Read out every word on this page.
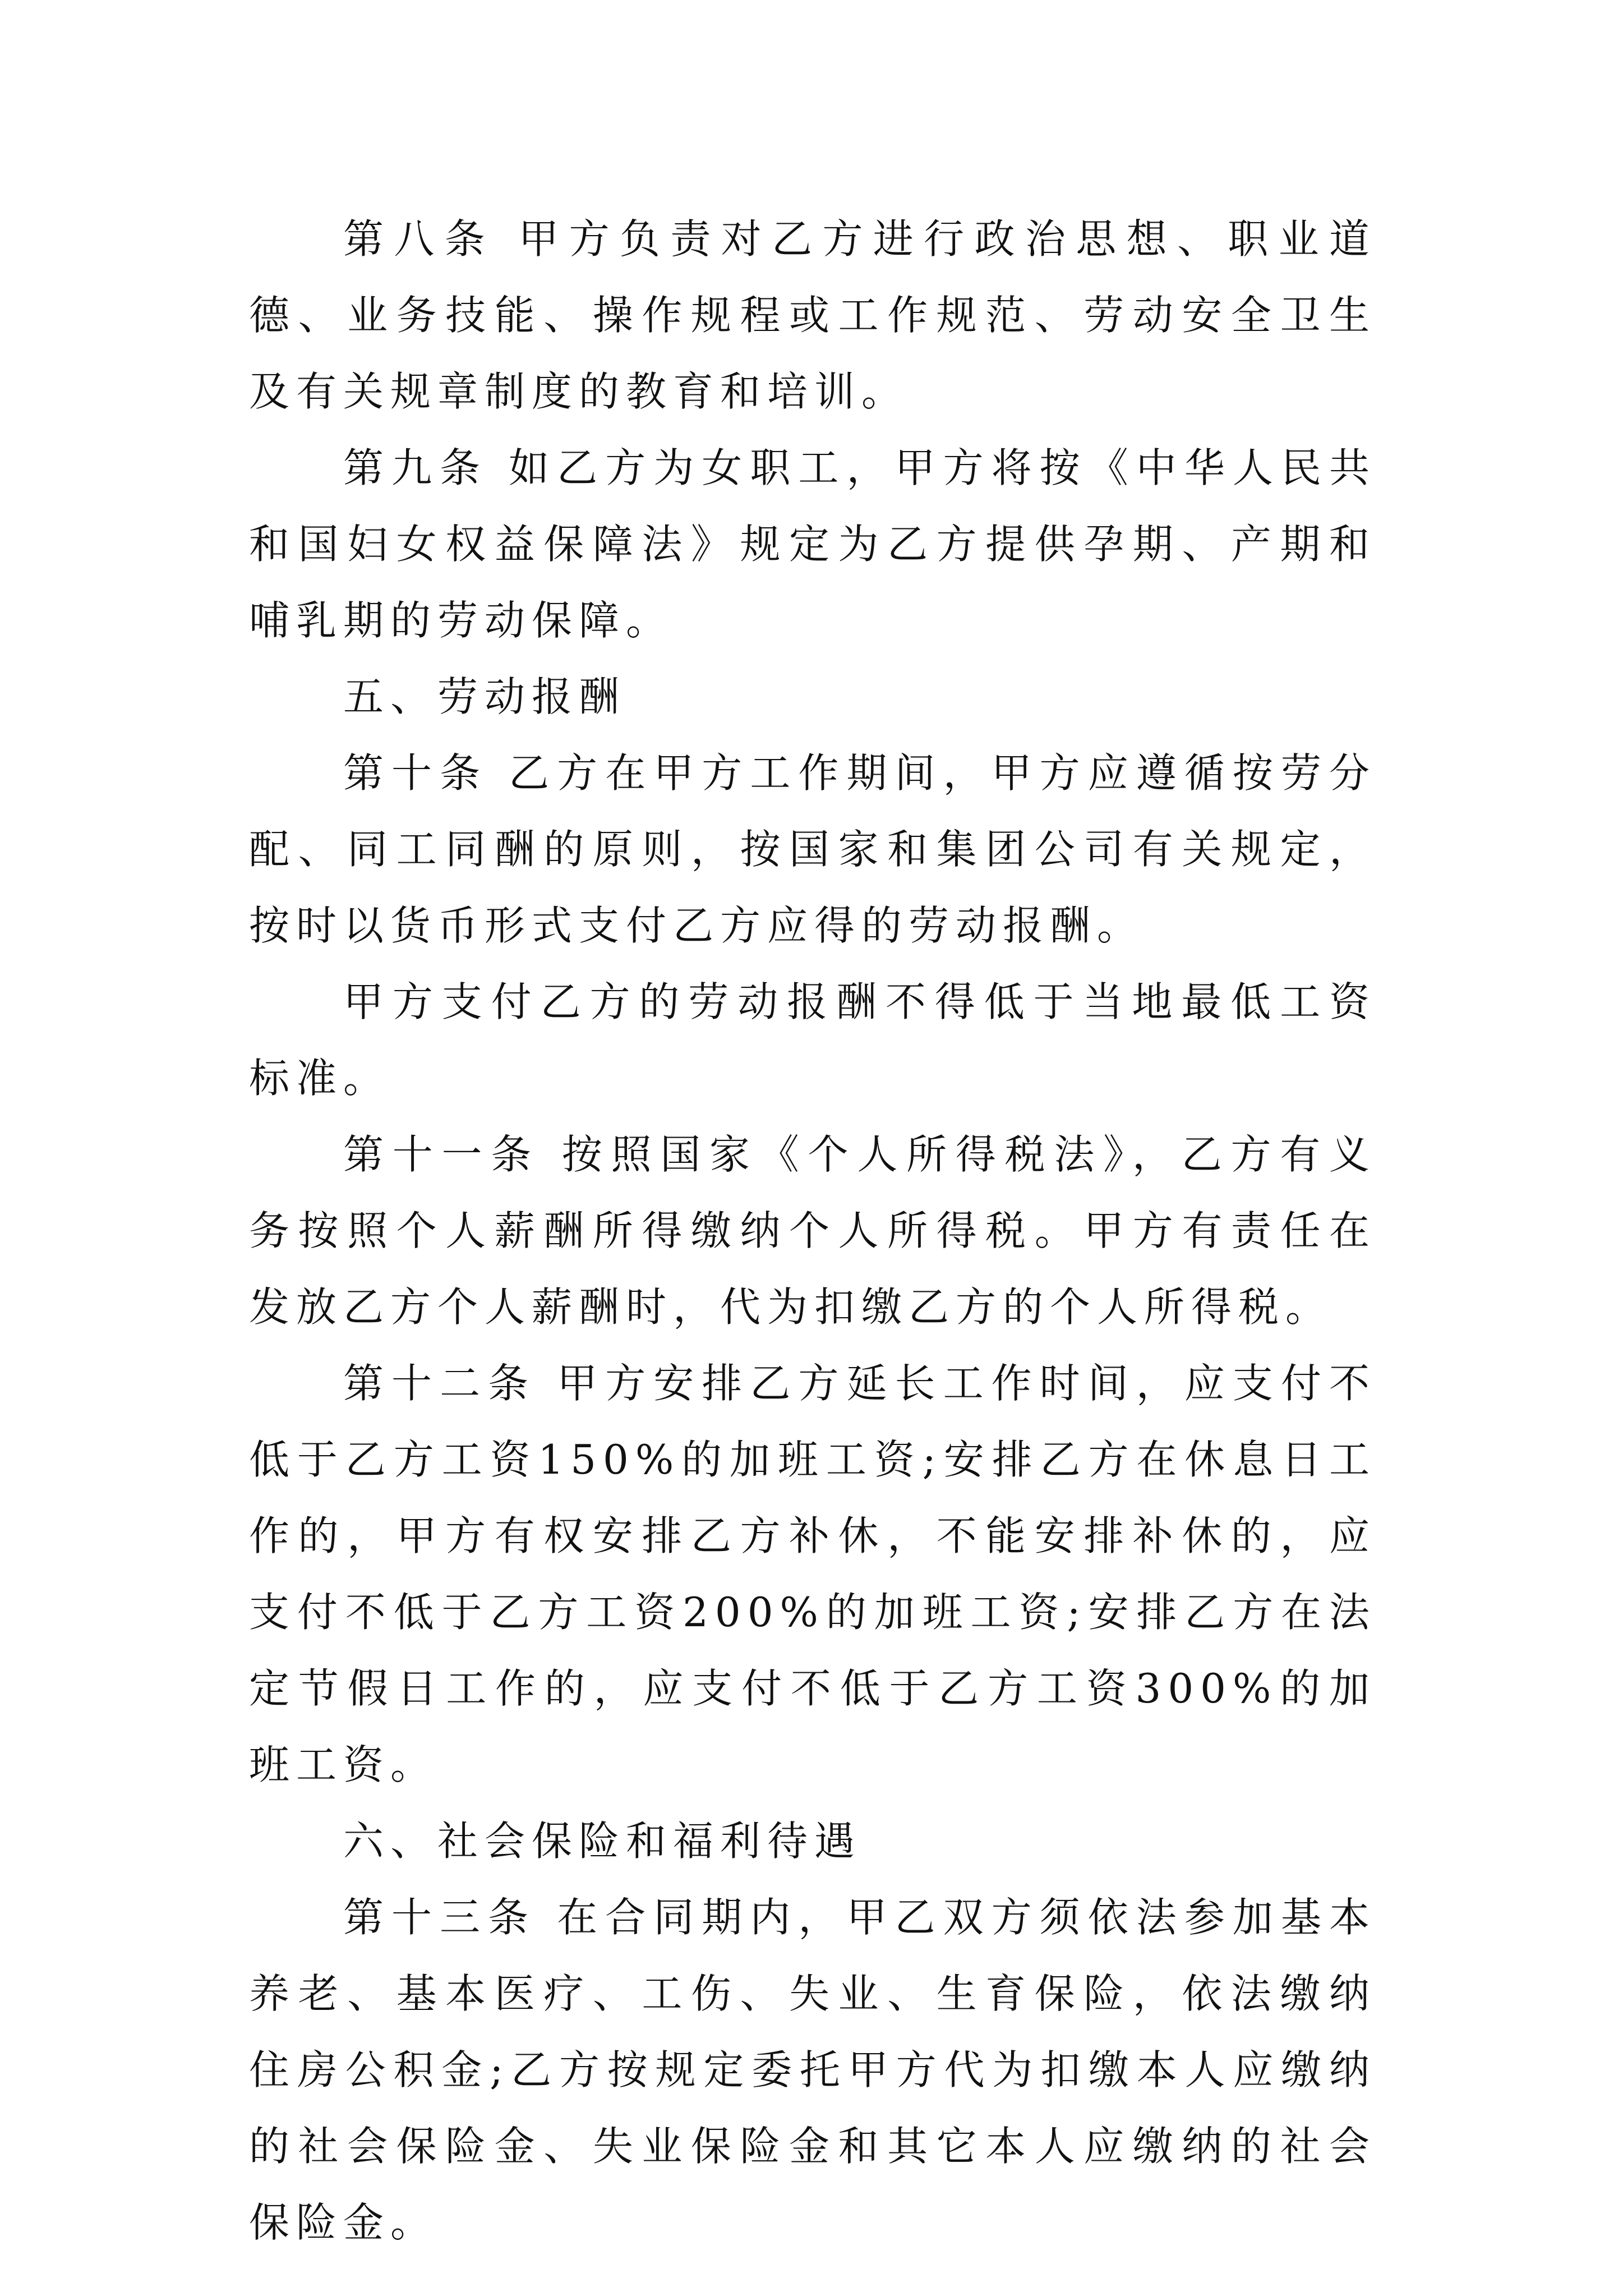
第八条 甲方负责对乙方进行政治思想、职业道德、业务技能、操作规程或工作规范、劳动安全卫生及有关规章制度的教育和培训。

第九条 如乙方为女职工，甲方将按《中华人民共和国妇女权益保障法》规定为乙方提供孕期、产期和哺乳期的劳动保障。

五、劳动报酬

第十条 乙方在甲方工作期间，甲方应遵循按劳分配、同工同酬的原则，按国家和集团公司有关规定，按时以货币形式支付乙方应得的劳动报酬。

甲方支付乙方的劳动报酬不得低于当地最低工资标准。

第十一条 按照国家《个人所得税法》，乙方有义务按照个人薪酬所得缴纳个人所得税。甲方有责任在发放乙方个人薪酬时，代为扣缴乙方的个人所得税。

第十二条 甲方安排乙方延长工作时间，应支付不低于乙方工资150%的加班工资;安排乙方在休息日工作的，甲方有权安排乙方补休，不能安排补休的，应支付不低于乙方工资200%的加班工资;安排乙方在法定节假日工作的，应支付不低于乙方工资300%的加班工资。

六、社会保险和福利待遇

第十三条 在合同期内，甲乙双方须依法参加基本养老、基本医疗、工伤、失业、生育保险，依法缴纳住房公积金;乙方按规定委托甲方代为扣缴本人应缴纳的社会保险金、失业保险金和其它本人应缴纳的社会保险金。
